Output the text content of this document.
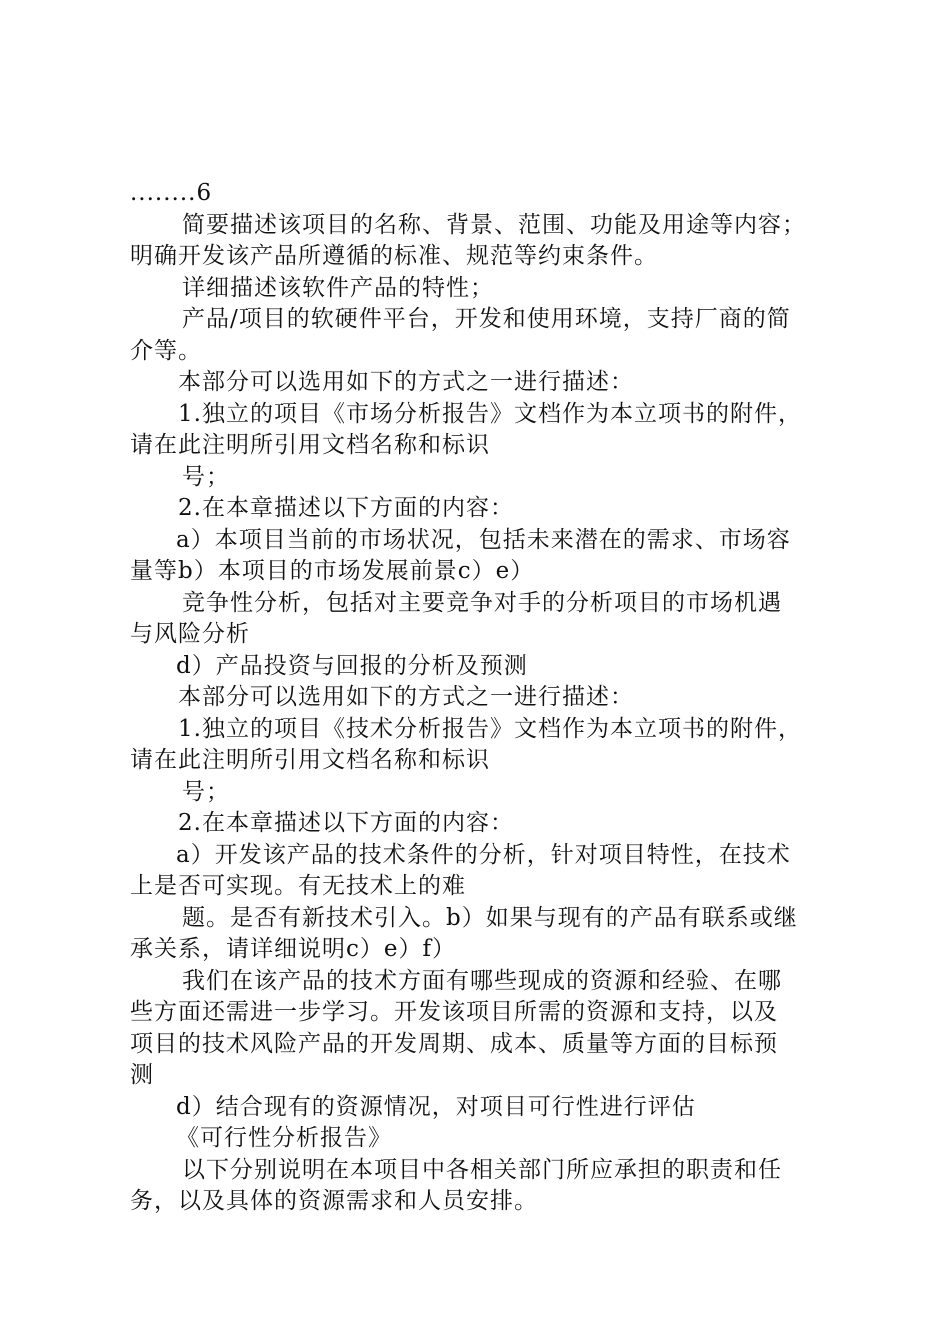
........6
简要描述该项目的名称、背景、范围、功能及用途等内容；
明确开发该产品所遵循的标准、规范等约束条件。
详细描述该软件产品的特性；
产品/项目的软硬件平台，开发和使用环境，支持厂商的简
介等。
本部分可以选用如下的方式之一进行描述：
1.独立的项目《市场分析报告》文档作为本立项书的附件，
请在此注明所引用文档名称和标识
号；
2.在本章描述以下方面的内容：
a）本项目当前的市场状况，包括未来潜在的需求、市场容
量等b）本项目的市场发展前景c）e）
竞争性分析，包括对主要竞争对手的分析项目的市场机遇
与风险分析
d）产品投资与回报的分析及预测
本部分可以选用如下的方式之一进行描述：
1.独立的项目《技术分析报告》文档作为本立项书的附件，
请在此注明所引用文档名称和标识
号；
2.在本章描述以下方面的内容：
a）开发该产品的技术条件的分析，针对项目特性，在技术
上是否可实现。有无技术上的难
题。是否有新技术引入。b）如果与现有的产品有联系或继
承关系，请详细说明c）e）f）
我们在该产品的技术方面有哪些现成的资源和经验、在哪
些方面还需进一步学习。开发该项目所需的资源和支持，以及
项目的技术风险产品的开发周期、成本、质量等方面的目标预
测
d）结合现有的资源情况，对项目可行性进行评估
《可行性分析报告》
以下分别说明在本项目中各相关部门所应承担的职责和任
务，以及具体的资源需求和人员安排。
